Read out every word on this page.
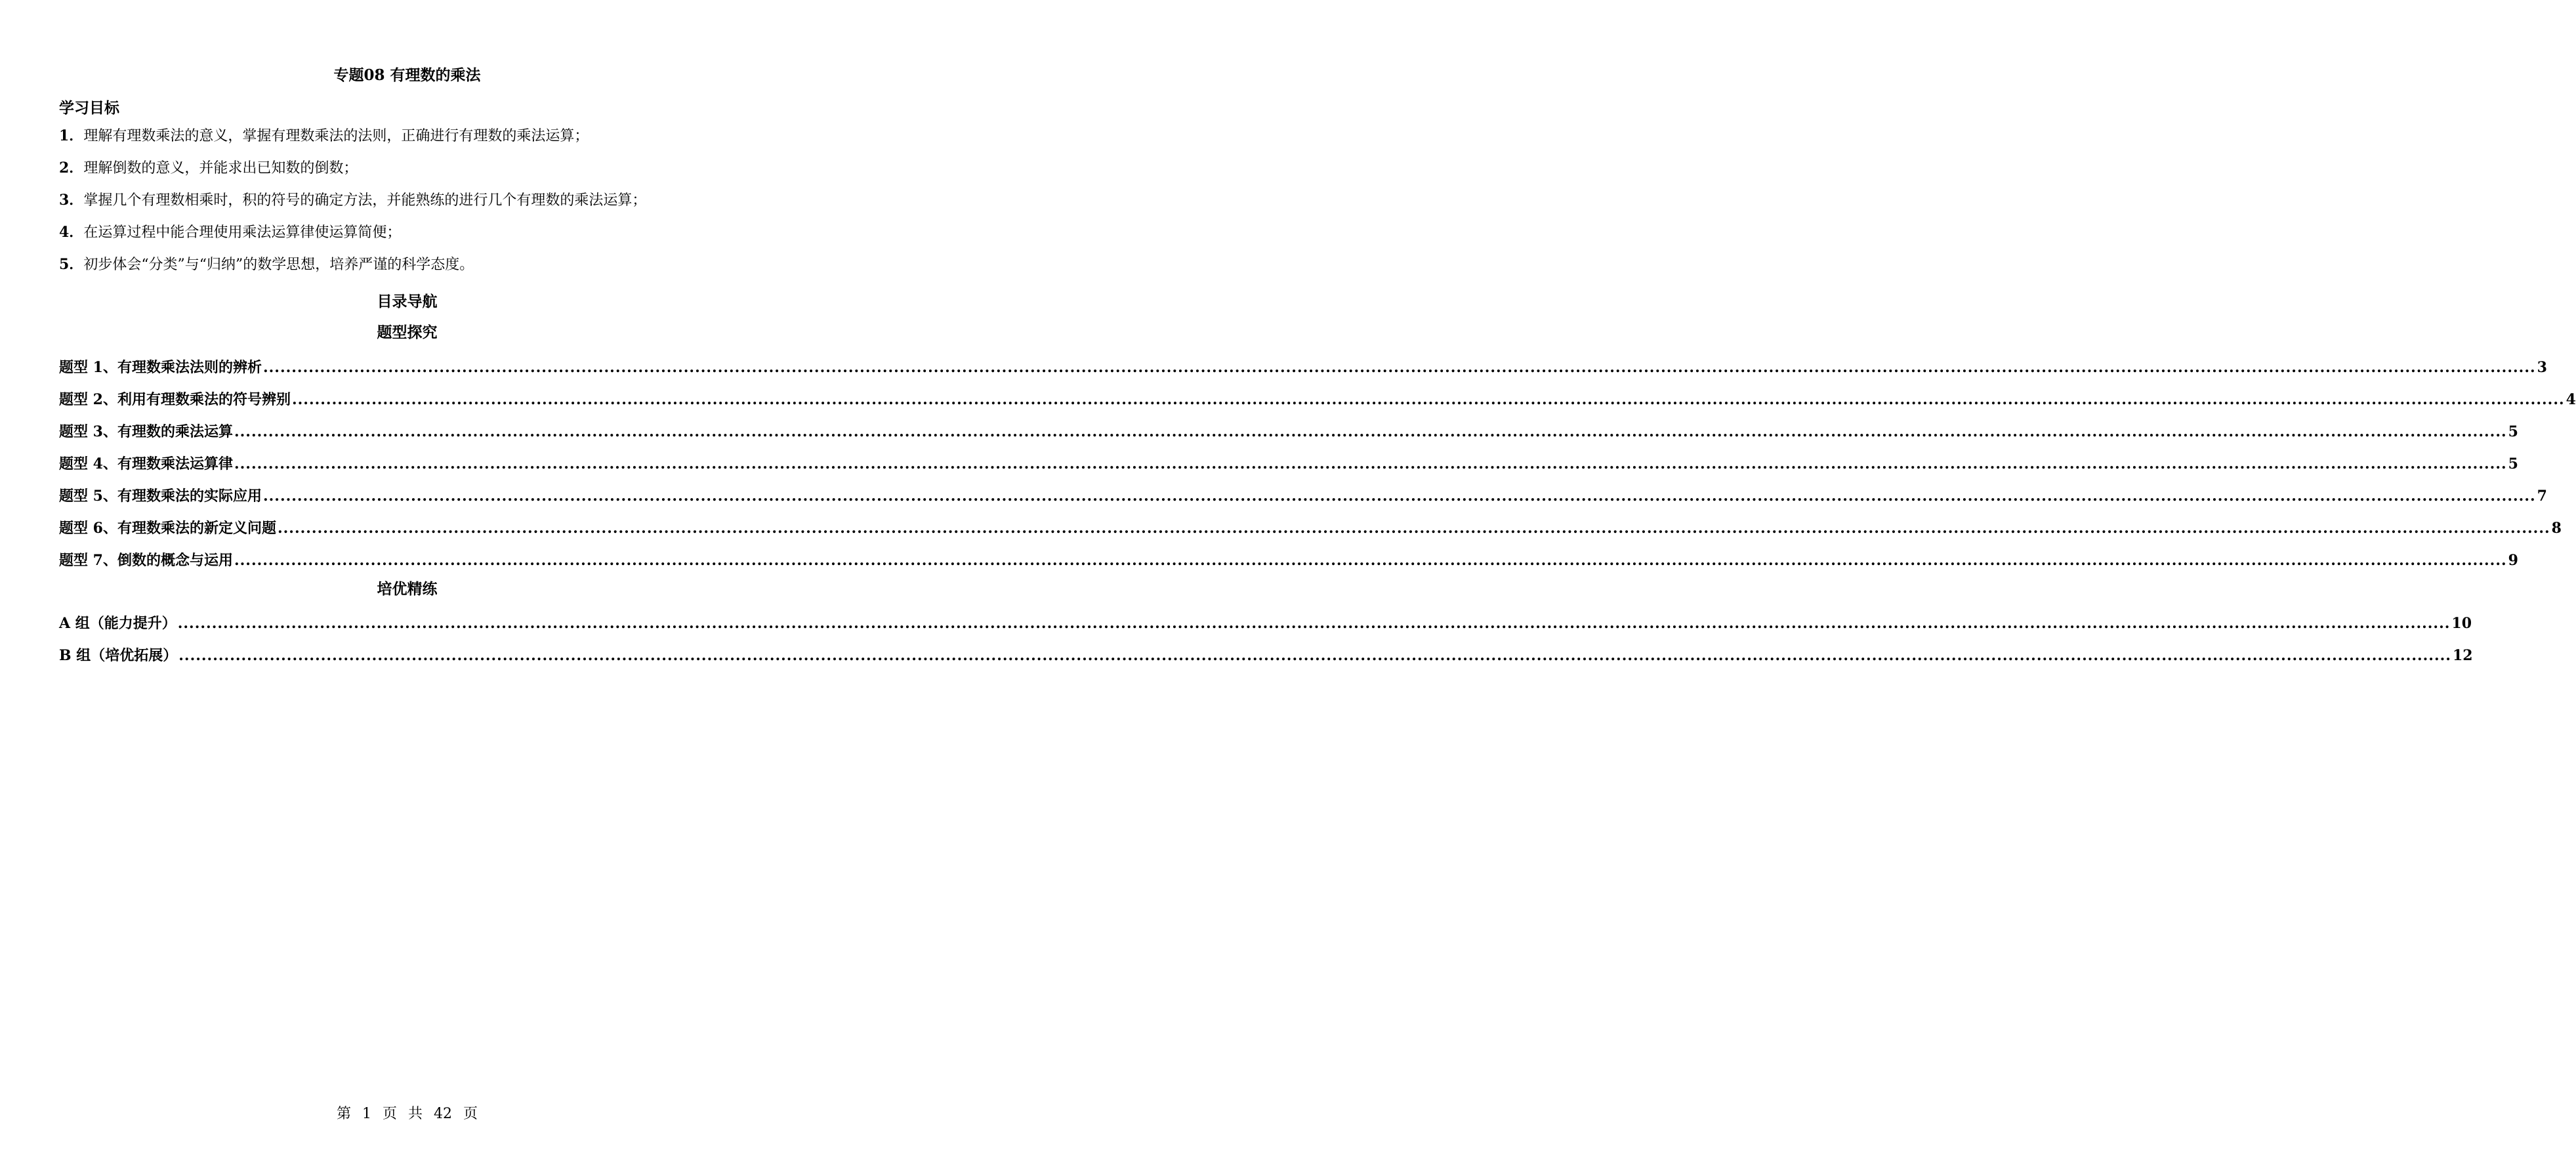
专题08 有理数的乘法
学习目标
1．理解有理数乘法的意义，掌握有理数乘法的法则，正确进行有理数的乘法运算；
2．理解倒数的意义，并能求出已知数的倒数；
3．掌握几个有理数相乘时，积的符号的确定方法，并能熟练的进行几个有理数的乘法运算；
4．在运算过程中能合理使用乘法运算律使运算简便；
5．初步体会“分类”与“归纳”的数学思想，培养严谨的科学态度。
目录导航
题型探究
题型 1、有理数乘法法则的辨析 ................................................................................................................................................................................................................................................................................................................................................................................................................ 3
题型 2、利用有理数乘法的符号辨别 ................................................................................................................................................................................................................................................................................................................................................................................................................ 4
题型 3、有理数的乘法运算 ................................................................................................................................................................................................................................................................................................................................................................................................................ 5
题型 4、有理数乘法运算律 ................................................................................................................................................................................................................................................................................................................................................................................................................ 5
题型 5、有理数乘法的实际应用 ................................................................................................................................................................................................................................................................................................................................................................................................................ 7
题型 6、有理数乘法的新定义问题 ................................................................................................................................................................................................................................................................................................................................................................................................................ 8
题型 7、倒数的概念与运用 ................................................................................................................................................................................................................................................................................................................................................................................................................ 9
培优精练
A 组（能力提升） ................................................................................................................................................................................................................................................................................................................................................................................................................ 10
B 组（培优拓展） ................................................................................................................................................................................................................................................................................................................................................................................................................ 12
第 1 页 共 42 页
